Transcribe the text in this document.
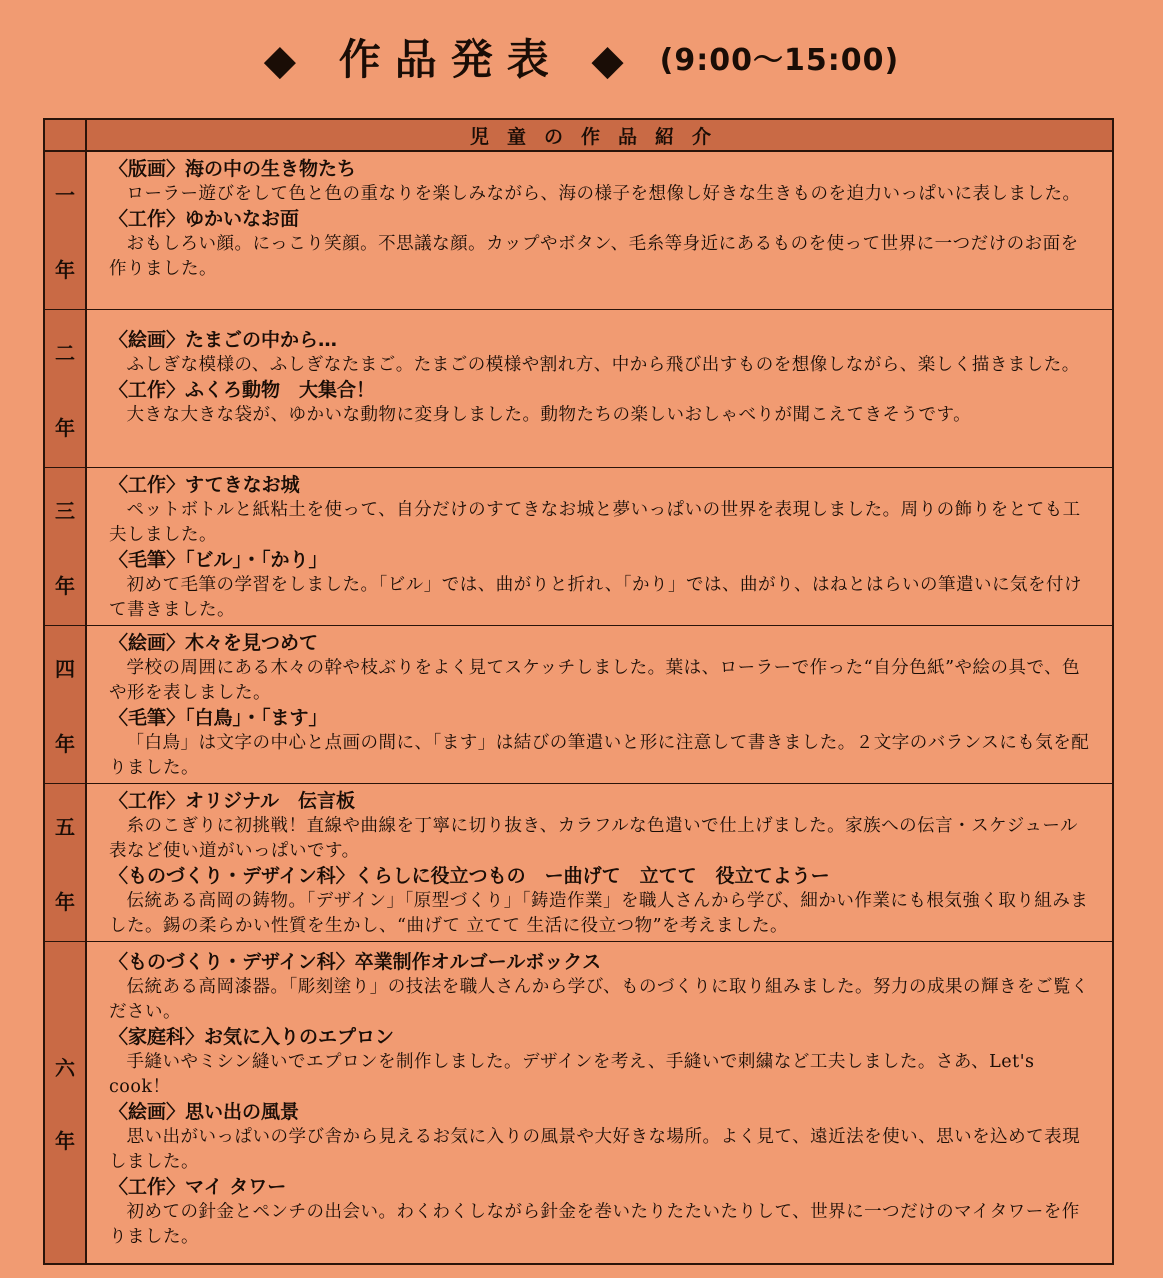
◆ 作品発表 ◆ (9:00〜15:00)
児童の作品紹介
一
年
〈版画〉海の中の生き物たち
ローラー遊びをして色と色の重なりを楽しみながら、海の様子を想像し好きな生きものを迫力いっぱいに表しました。
〈工作〉ゆかいなお面
おもしろい顔。にっこり笑顔。不思議な顔。カップやボタン、毛糸等身近にあるものを使って世界に一つだけのお面を作りました。
二
年
〈絵画〉たまごの中から…
ふしぎな模様の、ふしぎなたまご。たまごの模様や割れ方、中から飛び出すものを想像しながら、楽しく描きました。
〈工作〉ふくろ動物　大集合！
大きな大きな袋が、ゆかいな動物に変身しました。動物たちの楽しいおしゃべりが聞こえてきそうです。
三
年
〈工作〉すてきなお城
ペットボトルと紙粘土を使って、自分だけのすてきなお城と夢いっぱいの世界を表現しました。周りの飾りをとても工夫しました。
〈毛筆〉「ビル」・「かり」
初めて毛筆の学習をしました。「ビル」では、曲がりと折れ、「かり」では、曲がり、はねとはらいの筆遣いに気を付けて書きました。
四
年
〈絵画〉木々を見つめて
学校の周囲にある木々の幹や枝ぶりをよく見てスケッチしました。葉は、ローラーで作った“自分色紙”や絵の具で、色や形を表しました。
〈毛筆〉「白鳥」・「ます」
「白鳥」は文字の中心と点画の間に、「ます」は結びの筆遣いと形に注意して書きました。２文字のバランスにも気を配りました。
五
年
〈工作〉オリジナル　伝言板
糸のこぎりに初挑戦！直線や曲線を丁寧に切り抜き、カラフルな色遣いで仕上げました。家族への伝言・スケジュール表など使い道がいっぱいです。
〈ものづくり・デザイン科〉くらしに役立つもの　ー曲げて　立てて　役立てようー
伝統ある高岡の鋳物。「デザイン」「原型づくり」「鋳造作業」を職人さんから学び、細かい作業にも根気強く取り組みました。錫の柔らかい性質を生かし、“曲げて 立てて 生活に役立つ物”を考えました。
六
年
〈ものづくり・デザイン科〉卒業制作オルゴールボックス
伝統ある高岡漆器。「彫刻塗り」の技法を職人さんから学び、ものづくりに取り組みました。努力の成果の輝きをご覧ください。
〈家庭科〉お気に入りのエプロン
手縫いやミシン縫いでエプロンを制作しました。デザインを考え、手縫いで刺繍など工夫しました。さあ、Let's cook！
〈絵画〉思い出の風景
思い出がいっぱいの学び舎から見えるお気に入りの風景や大好きな場所。よく見て、遠近法を使い、思いを込めて表現しました。
〈工作〉マイ タワー
初めての針金とペンチの出会い。わくわくしながら針金を巻いたりたたいたりして、世界に一つだけのマイタワーを作りました。
